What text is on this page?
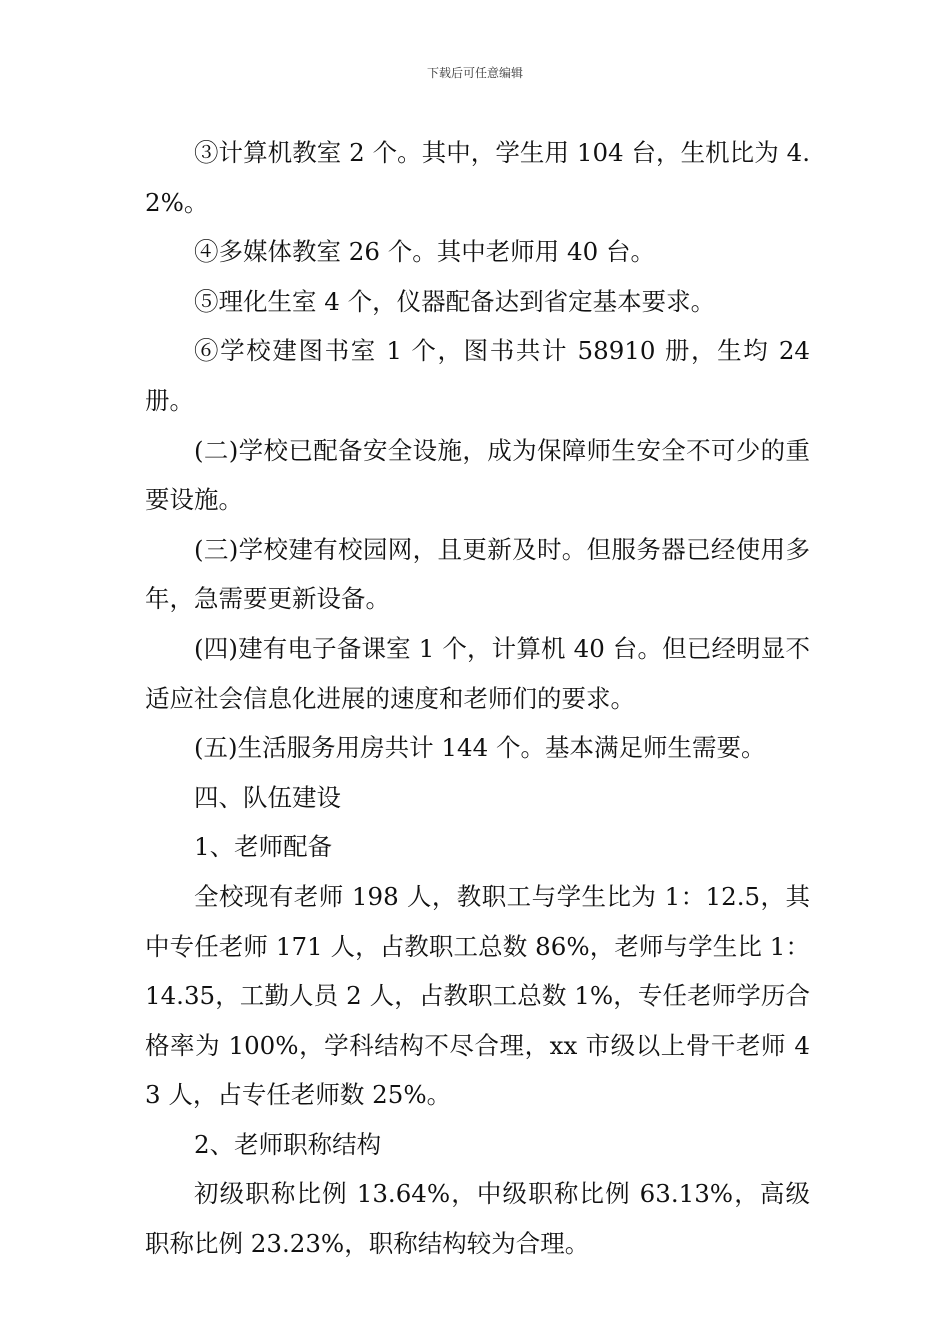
下载后可任意编辑

③计算机教室 2 个。其中，学生用 104 台，生机比为 4.2%。

④多媒体教室 26 个。其中老师用 40 台。

⑤理化生室 4 个，仪器配备达到省定基本要求。

⑥学校建图书室 1 个，图书共计 58910 册，生均 24 册。

(二)学校已配备安全设施，成为保障师生安全不可少的重要设施。

(三)学校建有校园网，且更新及时。但服务器已经使用多年，急需要更新设备。

(四)建有电子备课室 1 个，计算机 40 台。但已经明显不适应社会信息化进展的速度和老师们的要求。

(五)生活服务用房共计 144 个。基本满足师生需要。

四、队伍建设

1、老师配备

全校现有老师 198 人，教职工与学生比为 1：12.5，其中专任老师 171 人，占教职工总数 86%，老师与学生比 1：14.35，工勤人员 2 人，占教职工总数 1%，专任老师学历合格率为 100%，学科结构不尽合理，xx 市级以上骨干老师 43 人，占专任老师数 25%。

2、老师职称结构

初级职称比例 13.64%，中级职称比例 63.13%，高级职称比例 23.23%，职称结构较为合理。
